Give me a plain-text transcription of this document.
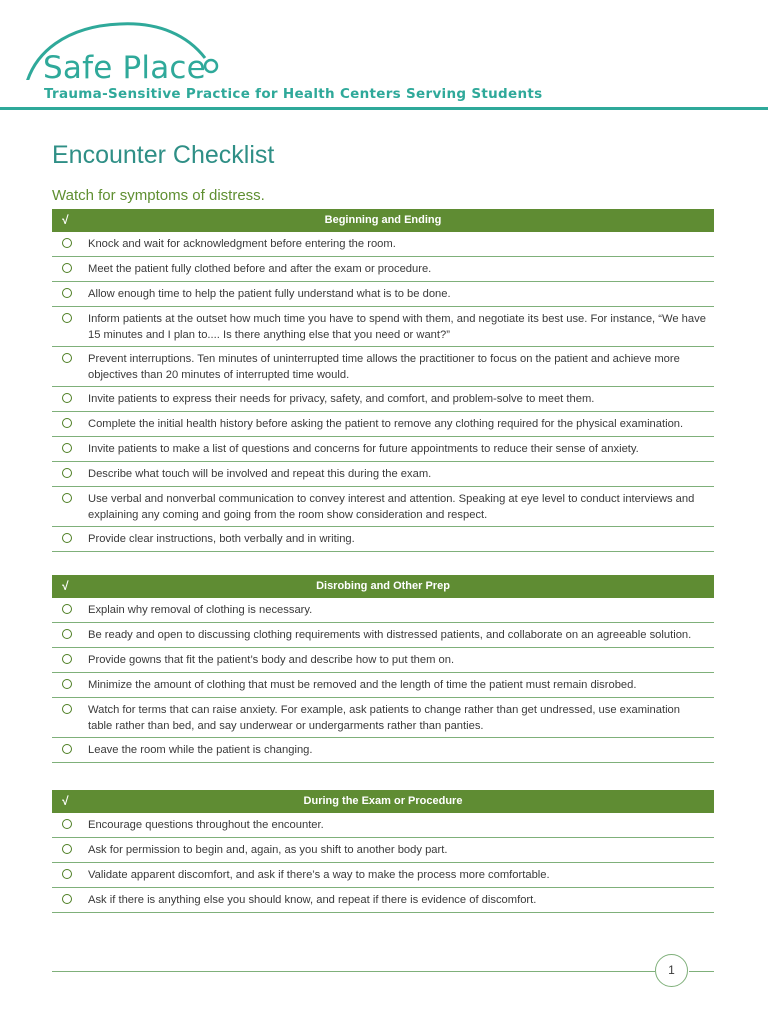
Safe Place
Trauma-Sensitive Practice for Health Centers Serving Students
Encounter Checklist
Watch for symptoms of distress.
√	Beginning and Ending
Knock and wait for acknowledgment before entering the room.
Meet the patient fully clothed before and after the exam or procedure.
Allow enough time to help the patient fully understand what is to be done.
Inform patients at the outset how much time you have to spend with them, and negotiate its best use. For instance, “We have 15 minutes and I plan to.... Is there anything else that you need or want?”
Prevent interruptions. Ten minutes of uninterrupted time allows the practitioner to focus on the patient and achieve more objectives than 20 minutes of interrupted time would.
Invite patients to express their needs for privacy, safety, and comfort, and problem-solve to meet them.
Complete the initial health history before asking the patient to remove any clothing required for the physical examination.
Invite patients to make a list of questions and concerns for future appointments to reduce their sense of anxiety.
Describe what touch will be involved and repeat this during the exam.
Use verbal and nonverbal communication to convey interest and attention. Speaking at eye level to conduct interviews and explaining any coming and going from the room show consideration and respect.
Provide clear instructions, both verbally and in writing.
√	Disrobing and Other Prep
Explain why removal of clothing is necessary.
Be ready and open to discussing clothing requirements with distressed patients, and collaborate on an agreeable solution.
Provide gowns that fit the patient’s body and describe how to put them on.
Minimize the amount of clothing that must be removed and the length of time the patient must remain disrobed.
Watch for terms that can raise anxiety. For example, ask patients to change rather than get undressed, use examination table rather than bed, and say underwear or undergarments rather than panties.
Leave the room while the patient is changing.
√	During the Exam or Procedure
Encourage questions throughout the encounter.
Ask for permission to begin and, again, as you shift to another body part.
Validate apparent discomfort, and ask if there’s a way to make the process more comfortable.
Ask if there is anything else you should know, and repeat if there is evidence of discomfort.
1
